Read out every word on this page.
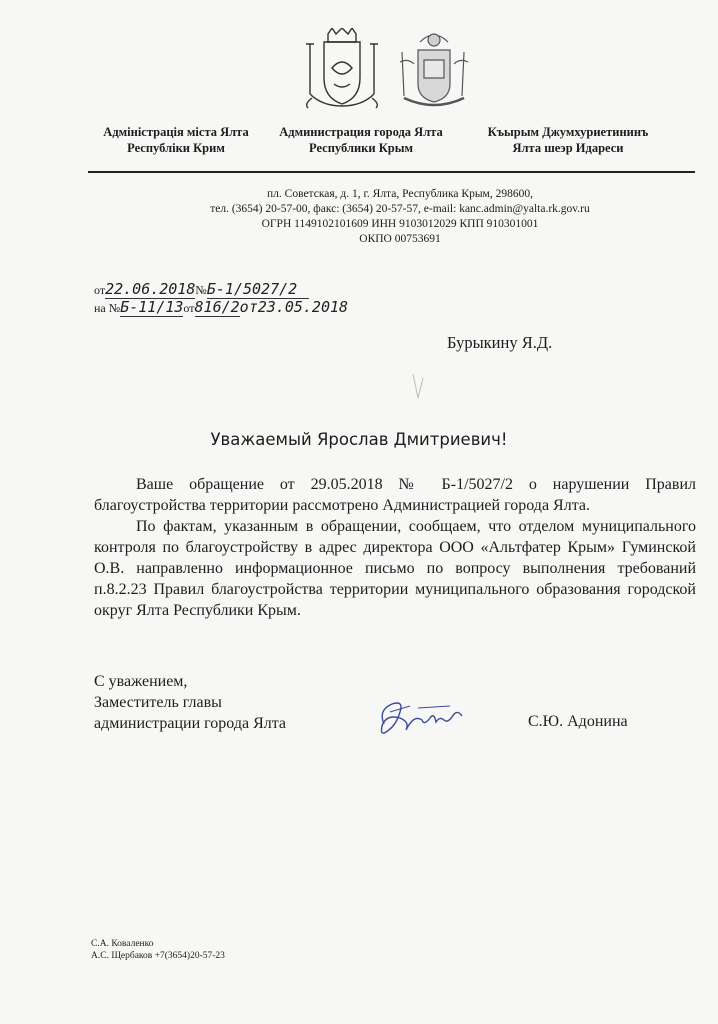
Адміністрація міста Ялта
Республіки Крим
Администрация города Ялта
Республики Крым
Къырым Джумхуриетининъ
Ялта шеэр Идареси
пл. Советская, д. 1, г. Ялта, Республика Крым, 298600,
тел. (3654) 20-57-00, факс: (3654) 20-57-57, e-mail: kanc.admin@yalta.rk.gov.ru
ОГРН 1149102101609 ИНН 9103012029 КПП 910301001
ОКПО 00753691
от22.06.2018№Б-1/5027/2
на №Б-11/13от816/2от23.05.2018
Бурыкину Я.Д.
Уважаемый Ярослав Дмитриевич!

Ваше обращение от 29.05.2018 № Б-1/5027/2 о нарушении Правил благоустройства территории рассмотрено Администрацией города Ялта.

По фактам, указанным в обращении, сообщаем, что отделом муниципального контроля по благоустройству в адрес директора ООО «Альтфатер Крым» Гуминской О.В. направленно информационное письмо по вопросу выполнения требований п.8.2.23 Правил благоустройства территории муниципального образования городской округ Ялта Республики Крым.

С уважением,
Заместитель главы
администрации города Ялта	С.Ю. Адонина
С.А. Коваленко
А.С. Щербаков +7(3654)20-57-23
